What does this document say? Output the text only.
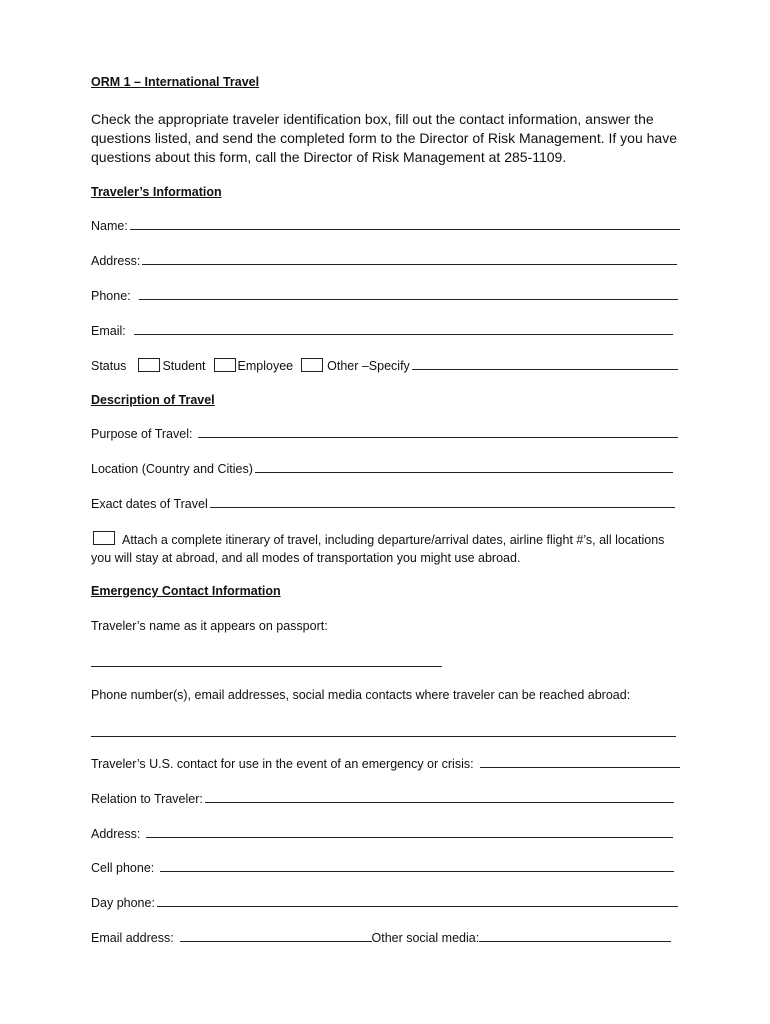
ORM 1 – International Travel
Check the appropriate traveler identification box, fill out the contact information, answer the questions listed, and send the completed form to the Director of Risk Management. If you have questions about this form, call the Director of Risk Management at 285-1109.
Traveler’s Information
Name:
Address:
Phone:
Email:
Status	Student	Employee	Other –Specify
Description of Travel
Purpose of Travel:
Location (Country and Cities)
Exact dates of Travel
Attach a complete itinerary of travel, including departure/arrival dates, airline flight #’s, all locations you will stay at abroad, and all modes of transportation you might use abroad.
Emergency Contact Information
Traveler’s name as it appears on passport:
Phone number(s), email addresses, social media contacts where traveler can be reached abroad:
Traveler’s U.S. contact for use in the event of an emergency or crisis:
Relation to Traveler:
Address:
Cell phone:
Day phone:
Email address:	Other social media:
